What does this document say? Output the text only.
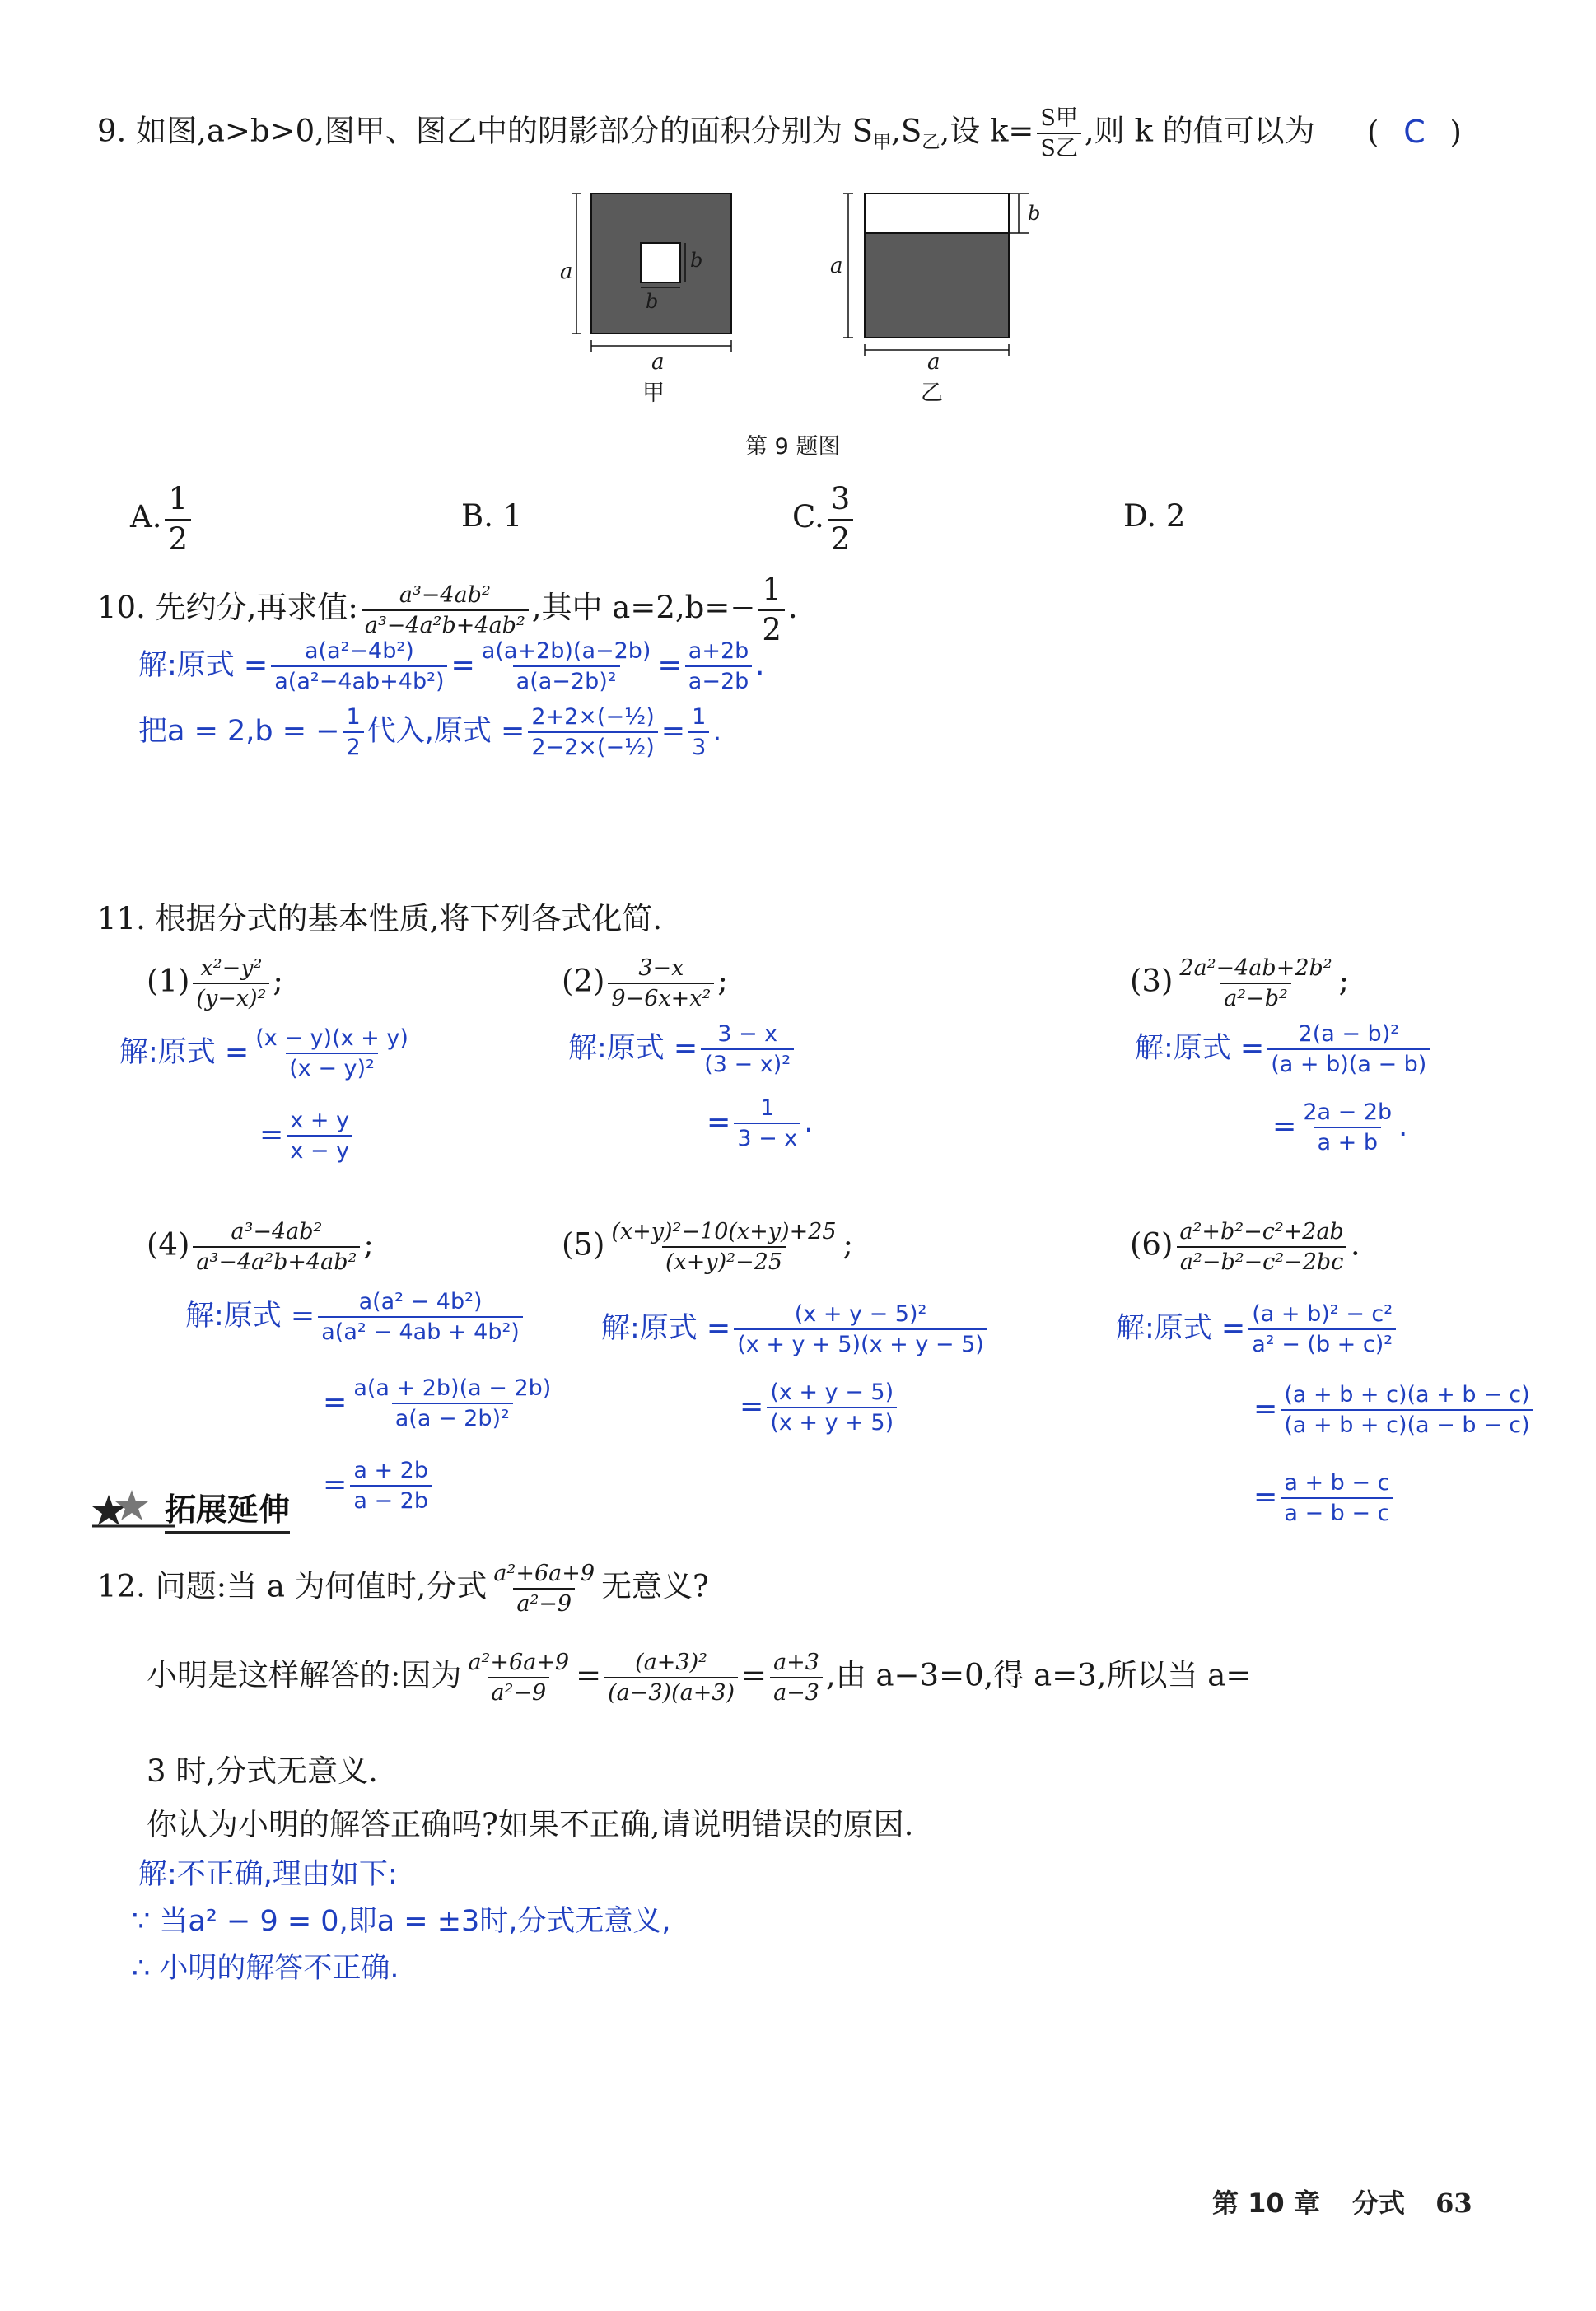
9. 如图,a>b>0,图甲、图乙中的阴影部分的面积分别为 $S_甲,S_乙$,设 k= S甲
S乙 ,则 k 的值可以为 ( C )
a	b
b
a
甲
b
a
a
乙
第 9 题图
A. $\frac{1}{2}$	B. 1	C. $\frac{3}{2}$	D. 2
10. 先约分,再求值: $\frac{\text{a³−4ab²}}{\text{a³−4a²b+4ab²}}$ ,其中 $a=2,b=- \frac{1}{2}$ .
解:原式 = $\frac{\text{a(a²−4b²)}}{\text{a(a²−4ab+4b²)}} = \frac{a(a+2b)(a-2b)}{\text{a(a−2b)²}} = \frac{a+2b}{a-2b}$ .
把a = 2,b = − $\frac{1}{2}$ 代入,原式 = $\frac{\text{2+2×(−½)}}{\text{2−2×(−½)}} = \frac{1}{3}$ .
11. 根据分式的基本性质,将下列各式化简.
$(1) \frac{\text{x²−y²}}{\text{(y−x)²}}$ ;
解:原式 = $\frac{(x - y)(x + y)}{\text{(x − y)²}}$
= $\frac{x + y}{x - y}$
$(2) \frac{3-x}{\text{9−6x+x²}}$ ;
解:原式 = $\frac{3 - x}{\text{(3 − x)²}}$
= $\frac{1}{3 - x}$ .
$(3) \frac{\text{2a²−4ab+2b²}}{\text{a²−b²}}$ ;
解:原式 = $\frac{\text{2(a − b)²}}{(a + b)(a - b)}$
= $\frac{2a - 2b}{a + b}$ .
$(4) \frac{\text{a³−4ab²}}{\text{a³−4a²b+4ab²}}$ ;
解:原式 = $\frac{\text{a(a² − 4b²)}}{\text{a(a² − 4ab + 4b²)}}$
= $\frac{a(a + 2b)(a - 2b)}{\text{a(a − 2b)²}}$
$(5) \frac{\text{(x+y)²−10(x+y)+25}}{\text{(x+y)²−25}}$ ;
解:原式 = $\frac{\text{(x + y − 5)²}}{(x + y + 5)(x + y - 5)}$
= $\frac{(x + y - 5)}{(x + y + 5)}$
$(6) \frac{\text{a²+b²−c²+2ab}}{\text{a²−b²−c²−2bc}}$ .
解:原式 = $\frac{\text{(a + b)² − c²}}{\text{a² − (b + c)²}}$
= $\frac{(a + b + c)(a + b - c)}{(a + b + c)(a - b - c)}$
拓展延伸
= $\frac{a + 2b}{a - 2b}$	= $\frac{a + b - c}{a - b - c}$
12. 问题:当 a 为何值时,分式 $\frac{\text{a²+6a+9}}{\text{a²−9}}$ 无意义?
小明是这样解答的:因为 $\frac{\text{a²+6a+9}}{\text{a²−9}} = \frac{\text{(a+3)²}}{(a-3)(a+3)} = \frac{a+3}{a-3}$ ,由 a−3=0,得 a=3,所以当 a=
3 时,分式无意义.
你认为小明的解答正确吗?如果不正确,请说明错误的原因.
解:不正确,理由如下:
∵ 当a² − 9 = 0,即a = ±3时,分式无意义,
∴ 小明的解答不正确.
第 10 章 分式 63
